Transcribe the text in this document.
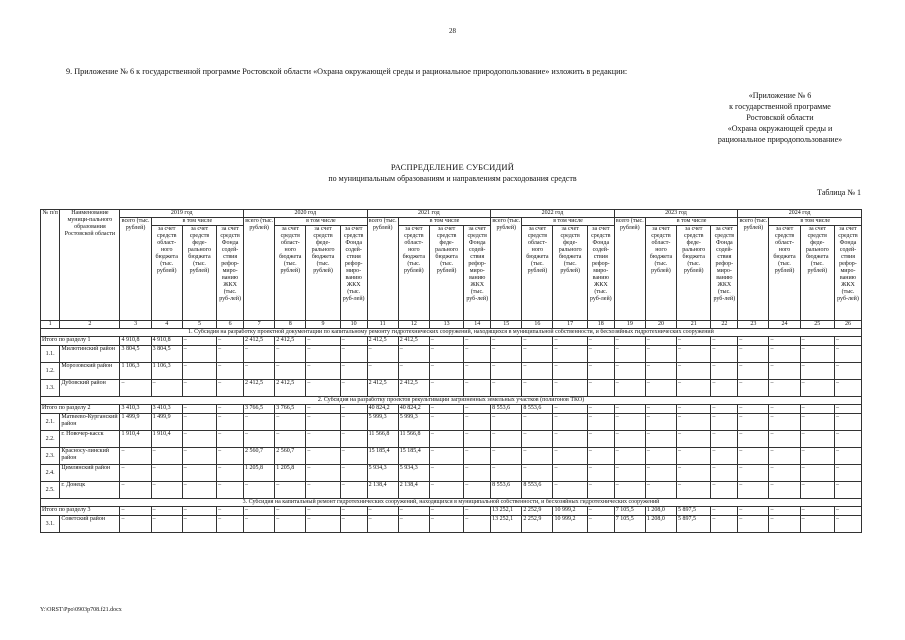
28
9. Приложение № 6 к государственной программе Ростовской области «Охрана окружающей среды и рациональное природопользование» изложить в редакции:
«Приложение № 6
к государственной программе
Ростовской области
«Охрана окружающей среды и
рациональное природопользование»
РАСПРЕДЕЛЕНИЕ СУБСИДИЙ
по муниципальным образованиям и направлениям расходования средств
Таблица № 1
№ п/п	Наименование муници-пального образования Ростовской области	2019 год				2020 год				2021 год				2022 год				2023 год				2024 год			
		всего (тыс. рублей)	в том числе			всего (тыс. рублей)	в том числе			всего (тыс. рублей)	в том числе			всего (тыс. рублей)	в том числе			всего (тыс. рублей)	в том числе			всего (тыс. рублей)	в том числе		
			за счет средств област-ного бюджета (тыс. рублей)	за счет средств феде-рального бюджета (тыс. рублей)	за счет средств Фонда содей-ствия рефор-миро-ванию ЖКХ (тыс. руб-лей)		за счет средств област-ного бюджета (тыс. рублей)	за счет средств феде-рального бюджета (тыс. рублей)	за счет средств Фонда содей-ствия рефор-миро-ванию ЖКХ (тыс. руб-лей)		за счет средств област-ного бюджета (тыс. рублей)	за счет средств феде-рального бюджета (тыс. рублей)	за счет средств Фонда содей-ствия рефор-миро-ванию ЖКХ (тыс. руб-лей)		за счет средств област-ного бюджета (тыс. рублей)	за счет средств феде-рального бюджета (тыс. рублей)	за счет средств Фонда содей-ствия рефор-миро-ванию ЖКХ (тыс. руб-лей)		за счет средств област-ного бюджета (тыс. рублей)	за счет средств феде-рального бюджета (тыс. рублей)	за счет средств Фонда содей-ствия рефор-миро-ванию ЖКХ (тыс. руб-лей)		за счет средств област-ного бюджета (тыс. рублей)	за счет средств феде-рального бюджета (тыс. рублей)	за счет средств Фонда содей-ствия рефор-миро-ванию ЖКХ (тыс. руб-лей)
1	2	3	4	5	6	7	8	9	10	11	12	13	14	15	16	17	18	19	20	21	22	23	24	25	26
1. Субсидия на разработку проектной документации по капитальному ремонту гидротехнических сооружений, находящихся в муниципальной собственности, и бесхозяйных гидротехнических сооружений																									
Итого по разделу 1		4 910,8	4 910,8	–	–	2 412,5	2 412,5	–	–	2 412,5	2 412,5	–	–	–	–	–	–	–	–	–	–	–	–	–	–
1.1.	Милютинский район	3 804,5	3 804,5	–	–	–	–	–	–	–	–	–	–	–	–	–	–	–	–	–	–	–	–	–	–
1.2.	Морозовский район	1 106,3	1 106,3	–	–	–	–	–	–	–	–	–	–	–	–	–	–	–	–	–	–	–	–	–	–
1.3.	Дубовский район	–	–	–	–	2 412,5	2 412,5	–	–	2 412,5	2 412,5	–	–	–	–	–	–	–	–	–	–	–	–	–	–
2. Субсидия на разработку проектов рекультивации загрязненных земельных участков (полигонов ТКО)																									
Итого по разделу 2		3 410,3	3 410,3	–	–	3 766,5	3 766,5	–	–	40 824,2	40 824,2	–	–	8 553,6	8 553,6	–	–	–	–	–	–	–	–	–	–
2.1.	Матвеево-Курганский район	1 499,9	1 499,9	–	–	–	–	–	–	5 999,3	5 999,3	–	–	–	–	–	–	–	–	–	–	–	–	–	–
2.2.	г. Новочер-касск	1 910,4	1 910,4	–	–	–	–	–	–	11 566,8	11 566,8	–	–	–	–	–	–	–	–	–	–	–	–	–	–
2.3.	Красносу-линский район	–	–	–	–	2 560,7	2 560,7	–	–	15 185,4	15 185,4	–	–	–	–	–	–	–	–	–	–	–	–	–	–
2.4.	Цимлянский район	–	–	–	–	1 205,8	1 205,8	–	–	5 934,3	5 934,3	–	–	–	–	–	–	–	–	–	–	–	–	–	–
2.5.	г. Донецк	–	–	–	–	–	–	–	–	2 138,4	2 138,4	–	–	8 553,6	8 553,6	–	–	–	–	–	–	–	–	–	–
3. Субсидия на капитальный ремонт гидротехнических сооружений, находящихся в муниципальной собственности, и бесхозяйных гидротехнических сооружений																									
Итого по разделу 3		–	–	–	–	–	–	–	–	–	–	–	–	13 252,1	2 252,9	10 999,2	–	7 105,5	1 208,0	5 897,5	–	–	–	–	–
3.1.	Советский район	–	–	–	–	–	–	–	–	–	–	–	–	13 252,1	2 252,9	10 999,2	–	7 105,5	1 208,0	5 897,5	–	–	–	–	–
Y:\ORST\Ppo\0903p708.f21.docx
